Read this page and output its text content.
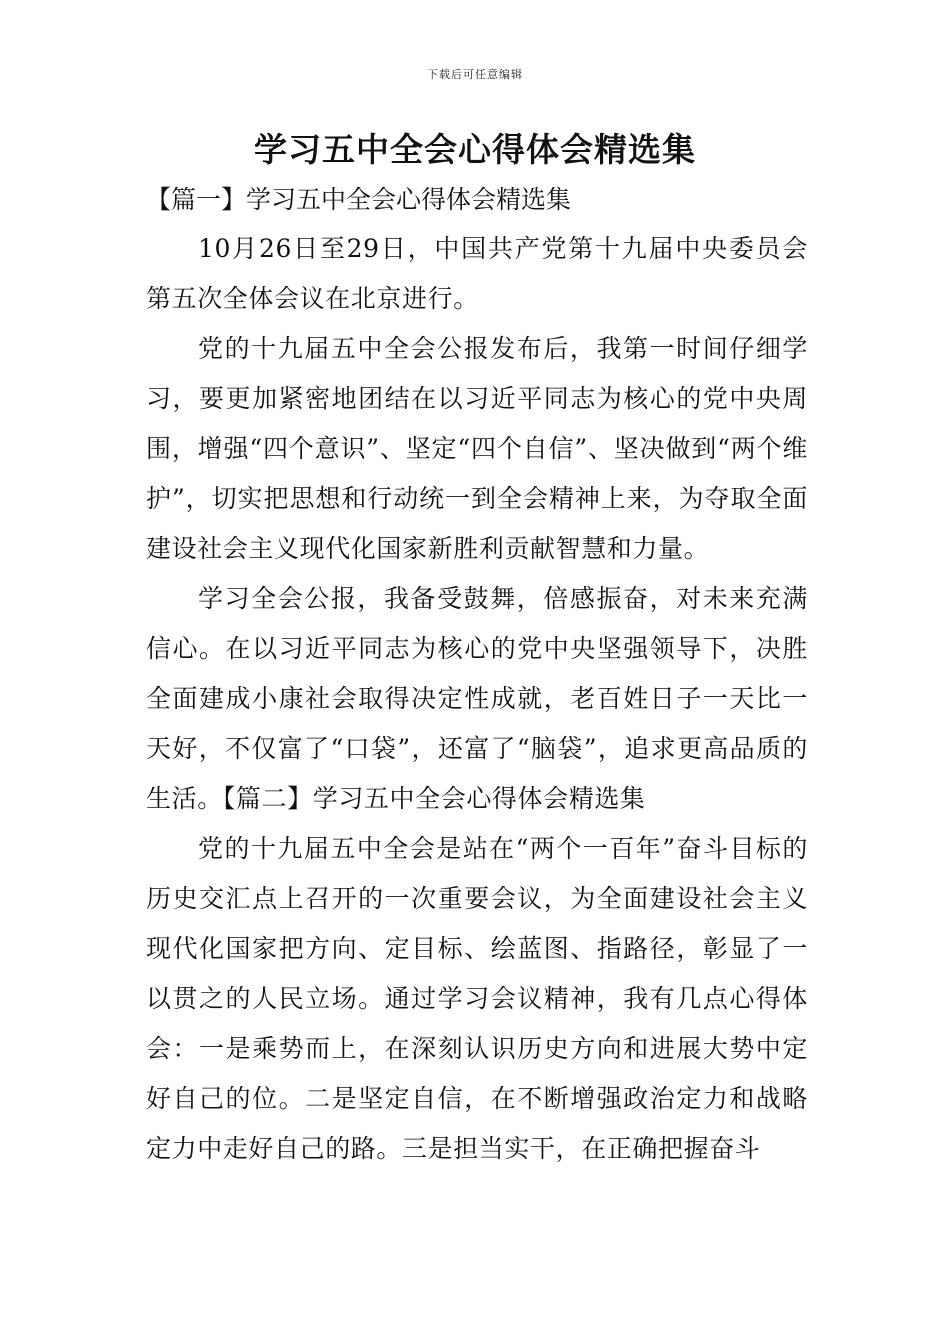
下载后可任意编辑
学习五中全会心得体会精选集

【篇一】学习五中全会心得体会精选集

10月26日至29日，中国共产党第十九届中央委员会第五次全体会议在北京进行。

党的十九届五中全会公报发布后，我第一时间仔细学习，要更加紧密地团结在以习近平同志为核心的党中央周围，增强“四个意识”、坚定“四个自信”、坚决做到“两个维护”，切实把思想和行动统一到全会精神上来，为夺取全面建设社会主义现代化国家新胜利贡献智慧和力量。

学习全会公报，我备受鼓舞，倍感振奋，对未来充满信心。在以习近平同志为核心的党中央坚强领导下，决胜全面建成小康社会取得决定性成就，老百姓日子一天比一天好，不仅富了“口袋”，还富了“脑袋”，追求更高品质的生活。【篇二】学习五中全会心得体会精选集

党的十九届五中全会是站在“两个一百年”奋斗目标的历史交汇点上召开的一次重要会议，为全面建设社会主义现代化国家把方向、定目标、绘蓝图、指路径，彰显了一以贯之的人民立场。通过学习会议精神，我有几点心得体会：一是乘势而上，在深刻认识历史方向和进展大势中定好自己的位。二是坚定自信，在不断增强政治定力和战略定力中走好自己的路。三是担当实干，在正确把握奋斗
